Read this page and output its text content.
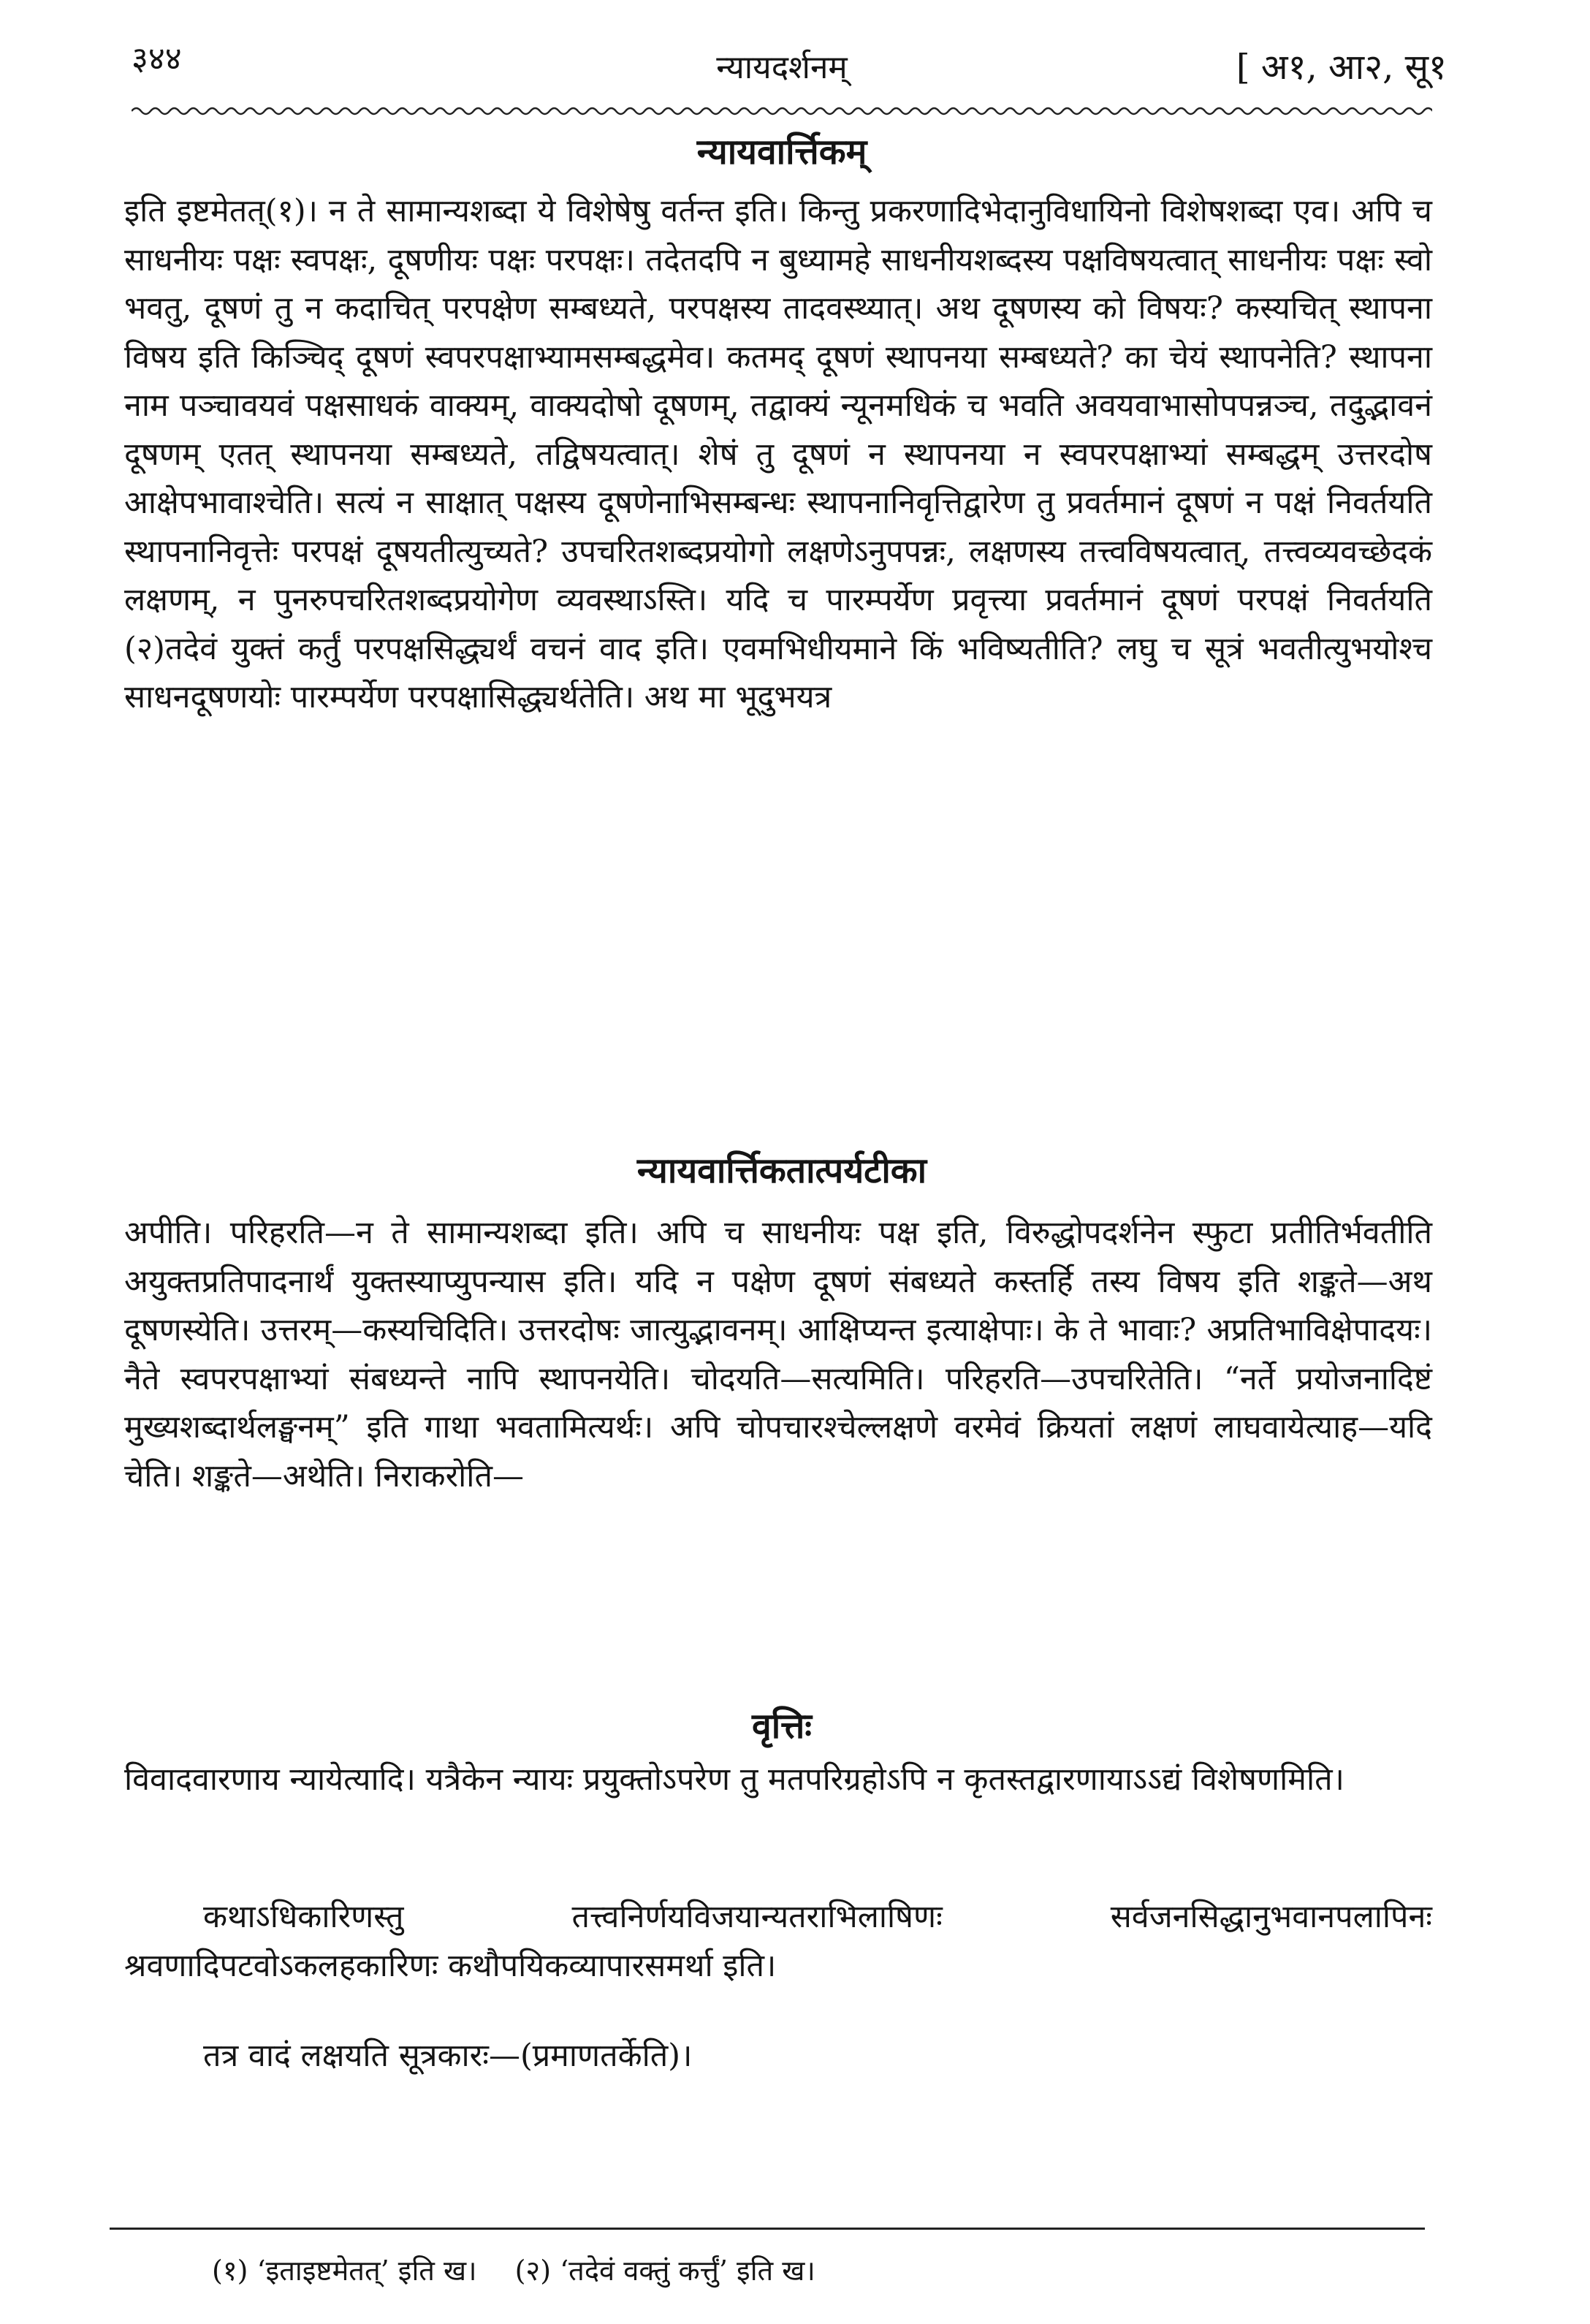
३४४	न्यायदर्शनम्	[ अ१, आ२, सू१
न्यायवार्त्तिकम्
इति इष्टमेतत्(१)। न ते सामान्यशब्दा ये विशेषेषु वर्तन्त इति। किन्तु प्रकरणादिभेदानुविधायिनो विशेषशब्दा एव। अपि च साधनीयः पक्षः स्वपक्षः, दूषणीयः पक्षः परपक्षः। तदेतदपि न बुध्यामहे साधनीयशब्दस्य पक्षविषयत्वात् साधनीयः पक्षः स्वो भवतु, दूषणं तु न कदाचित् परपक्षेण सम्बध्यते, परपक्षस्य तादवस्थ्यात्। अथ दूषणस्य को विषयः? कस्यचित् स्थापना विषय इति किञ्चिद् दूषणं स्वपरपक्षाभ्यामसम्बद्धमेव। कतमद् दूषणं स्थापनया सम्बध्यते? का चेयं स्थापनेति? स्थापना नाम पञ्चावयवं पक्षसाधकं वाक्यम्, वाक्यदोषो दूषणम्, तद्वाक्यं न्यूनमधिकं च भवति अवयवाभासोपपन्नञ्च, तदुद्भावनं दूषणम् एतत् स्थापनया सम्बध्यते, तद्विषयत्वात्। शेषं तु दूषणं न स्थापनया न स्वपरपक्षाभ्यां सम्बद्धम् उत्तरदोष आक्षेपभावाश्चेति। सत्यं न साक्षात् पक्षस्य दूषणेनाभिसम्बन्धः स्थापनानिवृत्तिद्वारेण तु प्रवर्तमानं दूषणं न पक्षं निवर्तयति स्थापनानिवृत्तेः परपक्षं दूषयतीत्युच्यते? उपचरितशब्दप्रयोगो लक्षणेऽनुपपन्नः, लक्षणस्य तत्त्वविषयत्वात्, तत्त्वव्यवच्छेदकं लक्षणम्, न पुनरुपचरितशब्दप्रयोगेण व्यवस्थाऽस्ति। यदि च पारम्पर्येण प्रवृत्त्या प्रवर्तमानं दूषणं परपक्षं निवर्तयति (२)तदेवं युक्तं कर्तुं परपक्षसिद्ध्यर्थं वचनं वाद इति। एवमभिधीयमाने किं भविष्यतीति? लघु च सूत्रं भवतीत्युभयोश्च साधनदूषणयोः पारम्पर्येण परपक्षासिद्ध्यर्थतेति। अथ मा भूदुभयत्र
न्यायवार्त्तिकतात्पर्यटीका
अपीति। परिहरति—न ते सामान्यशब्दा इति। अपि च साधनीयः पक्ष इति, विरुद्धोपदर्शनेन स्फुटा प्रतीतिर्भवतीति अयुक्तप्रतिपादनार्थं युक्तस्याप्युपन्यास इति। यदि न पक्षेण दूषणं संबध्यते कस्तर्हि तस्य विषय इति शङ्कते—अथ दूषणस्येति। उत्तरम्—कस्यचिदिति। उत्तरदोषः जात्युद्भावनम्। आक्षिप्यन्त इत्याक्षेपाः। के ते भावाः? अप्रतिभाविक्षेपादयः। नैते स्वपरपक्षाभ्यां संबध्यन्ते नापि स्थापनयेति। चोदयति—सत्यमिति। परिहरति—उपचरितेति। “नर्ते प्रयोजनादिष्टं मुख्यशब्दार्थलङ्घनम्” इति गाथा भवतामित्यर्थः। अपि चोपचारश्चेल्लक्षणे वरमेवं क्रियतां लक्षणं लाघवायेत्याह—यदि चेति। शङ्कते—अथेति। निराकरोति—
वृत्तिः
विवादवारणाय न्यायेत्यादि। यत्रैकेन न्यायः प्रयुक्तोऽपरेण तु मतपरिग्रहोऽपि न कृतस्तद्वारणायाऽऽद्यं विशेषणमिति।
कथाऽधिकारिणस्तु तत्त्वनिर्णयविजयान्यतराभिलाषिणः सर्वजनसिद्धानुभवानपलापिनः श्रवणादिपटवोऽकलहकारिणः कथौपयिकव्यापारसमर्था इति।
तत्र वादं लक्षयति सूत्रकारः—(प्रमाणतर्केति)।
(१) ‘इताइष्टमेतत्’ इति ख। (२) ‘तदेवं वक्तुं कर्त्तुं’ इति ख।
